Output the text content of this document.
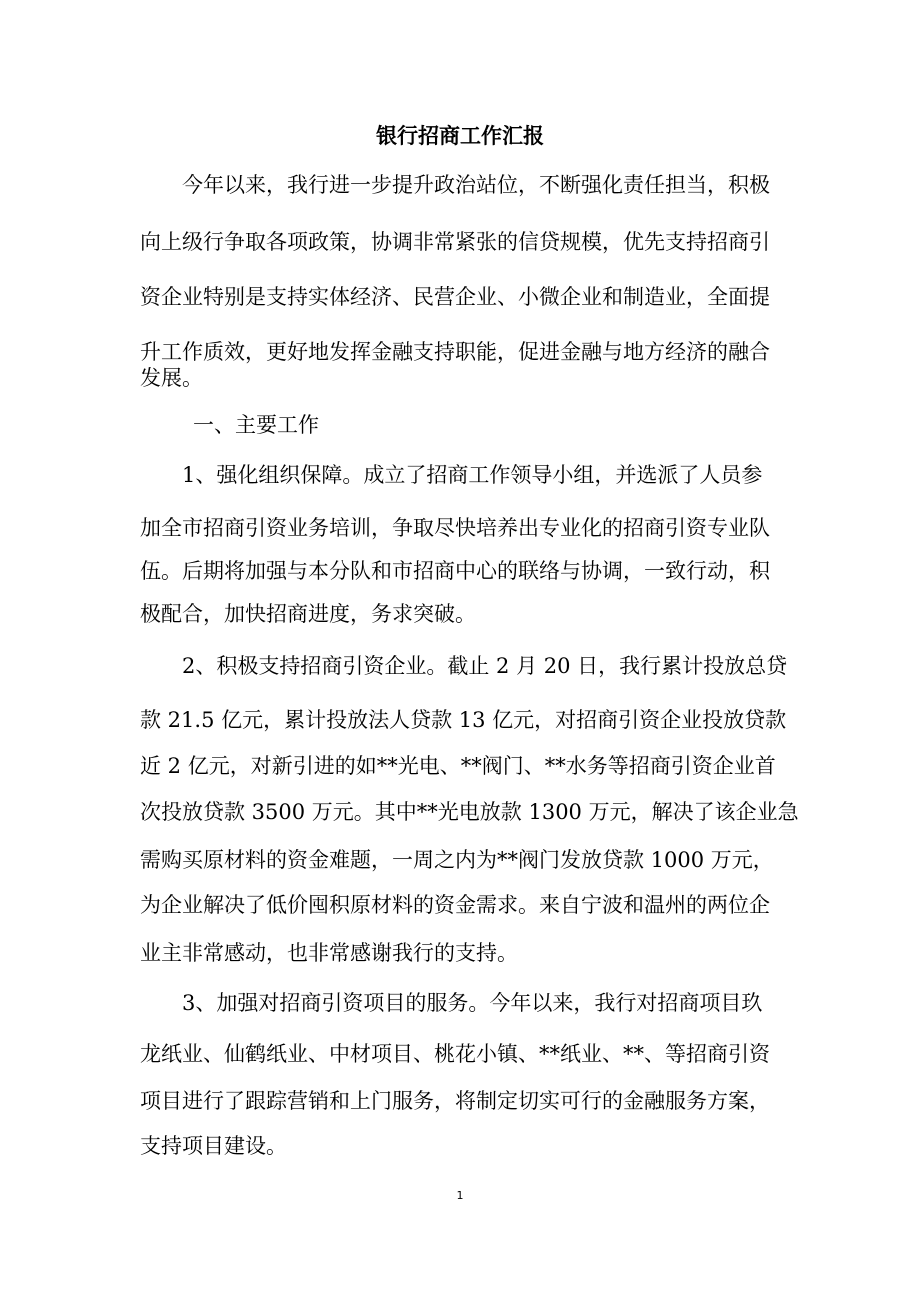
银行招商工作汇报
今年以来，我行进一步提升政治站位，不断强化责任担当，积极
向上级行争取各项政策，协调非常紧张的信贷规模，优先支持招商引
资企业特别是支持实体经济、民营企业、小微企业和制造业，全面提
升工作质效，更好地发挥金融支持职能，促进金融与地方经济的融合
发展。
一、主要工作
1、强化组织保障。成立了招商工作领导小组，并选派了人员参
加全市招商引资业务培训，争取尽快培养出专业化的招商引资专业队
伍。后期将加强与本分队和市招商中心的联络与协调，一致行动，积
极配合，加快招商进度，务求突破。
2、积极支持招商引资企业。截止 2 月 20 日，我行累计投放总贷
款 21.5 亿元，累计投放法人贷款 13 亿元，对招商引资企业投放贷款
近 2 亿元，对新引进的如**光电、**阀门、**水务等招商引资企业首
次投放贷款 3500 万元。其中**光电放款 1300 万元，解决了该企业急
需购买原材料的资金难题，一周之内为**阀门发放贷款 1000 万元，
为企业解决了低价囤积原材料的资金需求。来自宁波和温州的两位企
业主非常感动，也非常感谢我行的支持。
3、加强对招商引资项目的服务。今年以来，我行对招商项目玖
龙纸业、仙鹤纸业、中材项目、桃花小镇、**纸业、**、等招商引资
项目进行了跟踪营销和上门服务，将制定切实可行的金融服务方案，
支持项目建设。
1
